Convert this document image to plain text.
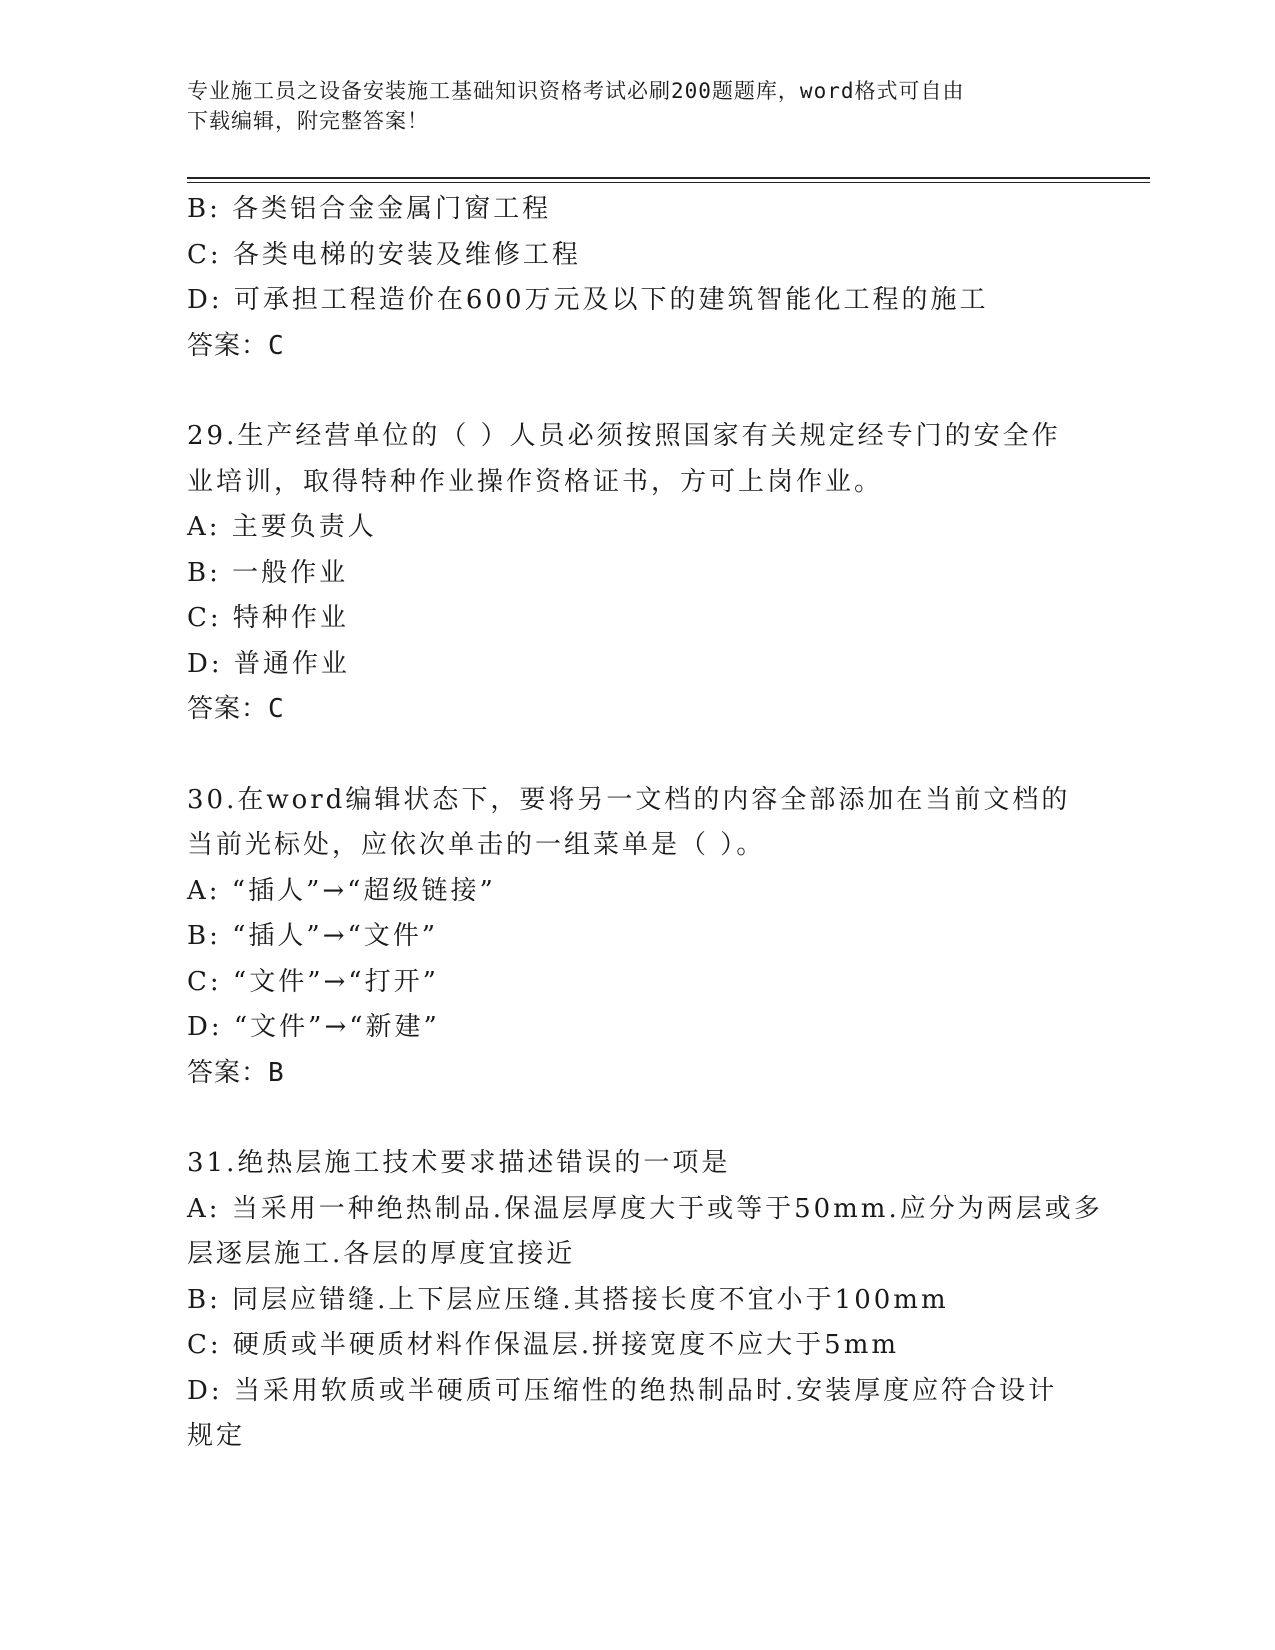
专业施工员之设备安装施工基础知识资格考试必刷200题题库，word格式可自由
下载编辑，附完整答案！
B: 各类铝合金金属门窗工程
C: 各类电梯的安装及维修工程
D: 可承担工程造价在600万元及以下的建筑智能化工程的施工
答案：C
29.生产经营单位的（ ）人员必须按照国家有关规定经专门的安全作
业培训，取得特种作业操作资格证书，方可上岗作业。
A: 主要负责人
B: 一般作业
C: 特种作业
D: 普通作业
答案：C
30.在word编辑状态下，要将另一文档的内容全部添加在当前文档的
当前光标处，应依次单击的一组菜单是（ ）。
A: “插人”→“超级链接”
B: “插人”→“文件”
C: “文件”→“打开”
D: “文件”→“新建”
答案：B
31.绝热层施工技术要求描述错误的一项是
A: 当采用一种绝热制品.保温层厚度大于或等于50mm.应分为两层或多
层逐层施工.各层的厚度宜接近
B: 同层应错缝.上下层应压缝.其搭接长度不宜小于100mm
C: 硬质或半硬质材料作保温层.拼接宽度不应大于5mm
D: 当采用软质或半硬质可压缩性的绝热制品时.安装厚度应符合设计
规定
